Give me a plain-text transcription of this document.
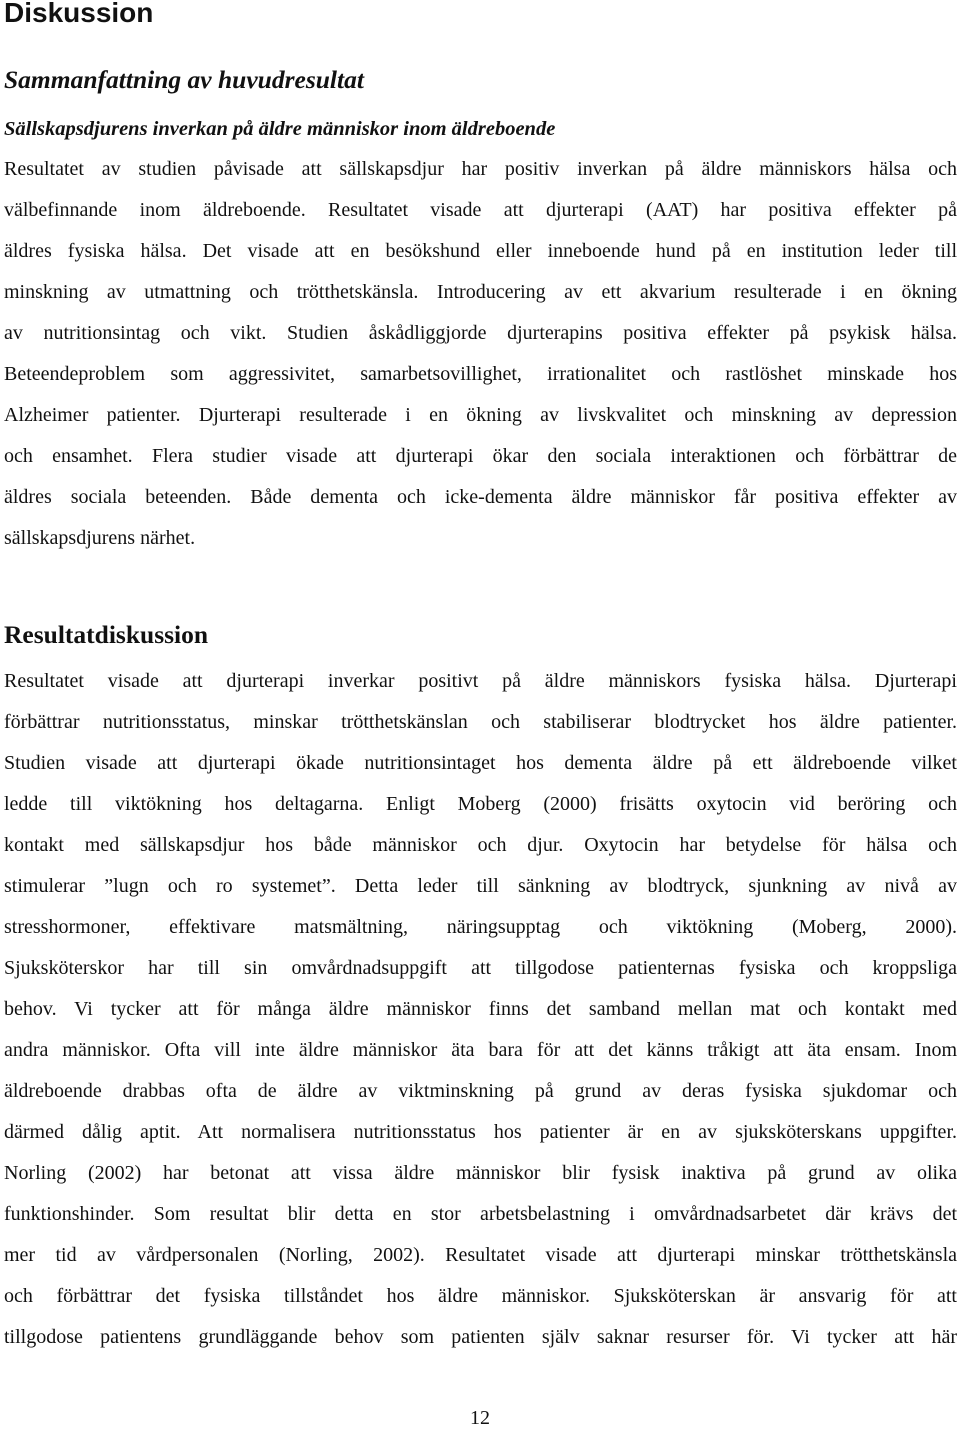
Diskussion
Sammanfattning av huvudresultat
Sällskapsdjurens inverkan på äldre människor inom äldreboende
Resultatet av studien påvisade att sällskapsdjur har positiv inverkan på äldre människors hälsa och
välbefinnande inom äldreboende. Resultatet visade att djurterapi (AAT) har positiva effekter på
äldres fysiska hälsa. Det visade att en besökshund eller inneboende hund på en institution leder till
minskning av utmattning och trötthetskänsla. Introducering av ett akvarium resulterade i en ökning
av nutritionsintag och vikt. Studien åskådliggjorde djurterapins positiva effekter på psykisk hälsa.
Beteendeproblem som aggressivitet, samarbetsovillighet, irrationalitet och rastlöshet minskade hos
Alzheimer patienter. Djurterapi resulterade i en ökning av livskvalitet och minskning av depression
och ensamhet. Flera studier visade att djurterapi ökar den sociala interaktionen och förbättrar de
äldres sociala beteenden. Både dementa och icke-dementa äldre människor får positiva effekter av
sällskapsdjurens närhet.
Resultatdiskussion
Resultatet visade att djurterapi inverkar positivt på äldre människors fysiska hälsa. Djurterapi
förbättrar nutritionsstatus, minskar trötthetskänslan och stabiliserar blodtrycket hos äldre patienter.
Studien visade att djurterapi ökade nutritionsintaget hos dementa äldre på ett äldreboende vilket
ledde till viktökning hos deltagarna. Enligt Moberg (2000) frisätts oxytocin vid beröring och
kontakt med sällskapsdjur hos både människor och djur. Oxytocin har betydelse för hälsa och
stimulerar ”lugn och ro systemet”. Detta leder till sänkning av blodtryck, sjunkning av nivå av
stresshormoner, effektivare matsmältning, näringsupptag och viktökning (Moberg, 2000).
Sjuksköterskor har till sin omvårdnadsuppgift att tillgodose patienternas fysiska och kroppsliga
behov. Vi tycker att för många äldre människor finns det samband mellan mat och kontakt med
andra människor. Ofta vill inte äldre människor äta bara för att det känns tråkigt att äta ensam. Inom
äldreboende drabbas ofta de äldre av viktminskning på grund av deras fysiska sjukdomar och
därmed dålig aptit. Att normalisera nutritionsstatus hos patienter är en av sjuksköterskans uppgifter.
Norling (2002) har betonat att vissa äldre människor blir fysisk inaktiva på grund av olika
funktionshinder. Som resultat blir detta en stor arbetsbelastning i omvårdnadsarbetet där krävs det
mer tid av vårdpersonalen (Norling, 2002). Resultatet visade att djurterapi minskar trötthetskänsla
och förbättrar det fysiska tillståndet hos äldre människor. Sjuksköterskan är ansvarig för att
tillgodose patientens grundläggande behov som patienten själv saknar resurser för. Vi tycker att här
12
